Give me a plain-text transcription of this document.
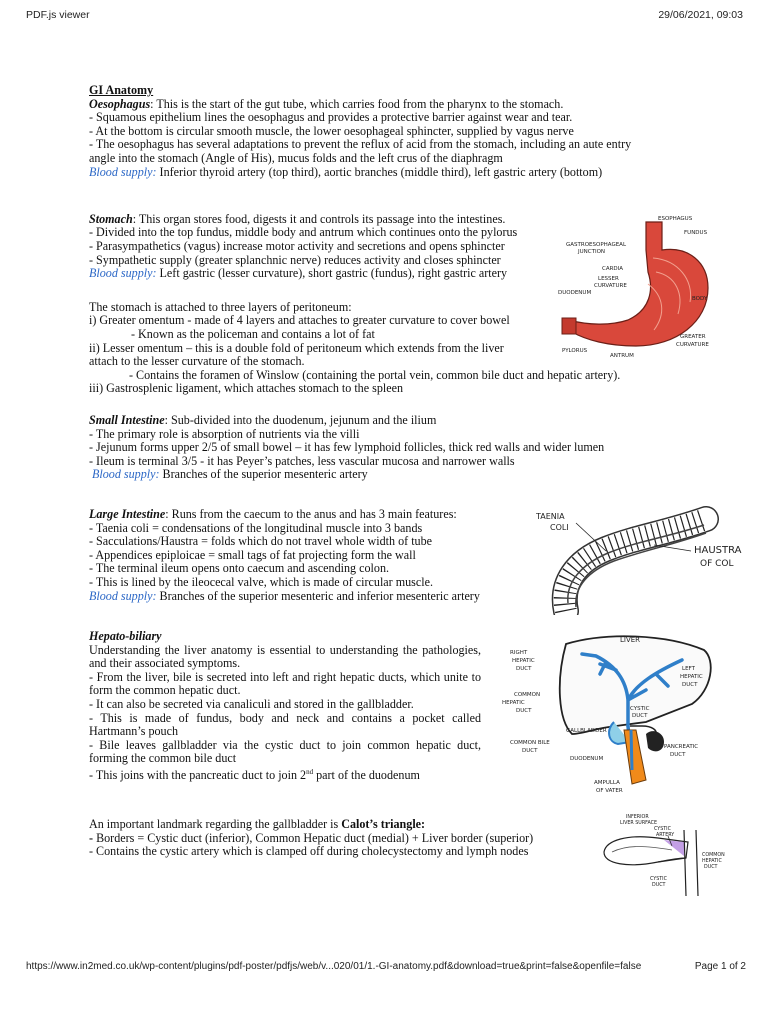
PDF.js viewer	29/06/2021, 09:03
GI Anatomy
Oesophagus: This is the start of the gut tube, which carries food from the pharynx to the stomach.
- Squamous epithelium lines the oesophagus and provides a protective barrier against wear and tear.
- At the bottom is circular smooth muscle, the lower oesophageal sphincter, supplied by vagus nerve
- The oesophagus has several adaptations to prevent the reflux of acid from the stomach, including an aute entry
angle into the stomach (Angle of His), mucus folds and the left crus of the diaphragm
Blood supply: Inferior thyroid artery (top third), aortic branches (middle third), left gastric artery (bottom)
Stomach: This organ stores food, digests it and controls its passage into the intestines.
- Divided into the top fundus, middle body and antrum which continues onto the pylorus
- Parasympathetics (vagus) increase motor activity and secretions and opens sphincter
- Sympathetic supply (greater splanchnic nerve) reduces activity and closes sphincter
Blood supply: Left gastric (lesser curvature), short gastric (fundus), right gastric artery
The stomach is attached to three layers of peritoneum:
i) Greater omentum - made of 4 layers and attaches to greater curvature to cover bowel
- Known as the policeman and contains a lot of fat
ii) Lesser omentum – this is a double fold of peritoneum which extends from the liver
attach to the lesser curvature of the stomach.
- Contains the foramen of Winslow (containing the portal vein, common bile duct and hepatic artery).
iii) Gastrosplenic ligament, which attaches stomach to the spleen
ESOPHAGUS
FUNDUS
GASTROESOPHAGEAL
JUNCTION
CARDIA
LESSER
CURVATURE
DUODENUM
BODY
GREATER
CURVATURE
PYLORUS
ANTRUM
Small Intestine: Sub-divided into the duodenum, jejunum and the ilium
- The primary role is absorption of nutrients via the villi
- Jejunum forms upper 2/5 of small bowel – it has few lymphoid follicles, thick red walls and wider lumen
- Ileum is terminal 3/5 - it has Peyer’s patches, less vascular mucosa and narrower walls
Blood supply: Branches of the superior mesenteric artery
Large Intestine: Runs from the caecum to the anus and has 3 main features:
- Taenia coli = condensations of the longitudinal muscle into 3 bands
- Sacculations/Haustra = folds which do not travel whole width of tube
- Appendices epiploicae = small tags of fat projecting form the wall
- The terminal ileum opens onto caecum and ascending colon.
- This is lined by the ileocecal valve, which is made of circular muscle.
Blood supply: Branches of the superior mesenteric and inferior mesenteric artery
TAENIA
COLI
HAUSTRA
OF COL
Hepato-biliary
Understanding the liver anatomy is essential to understanding the pathologies, and their associated symptoms.
- From the liver, bile is secreted into left and right hepatic ducts, which unite to form the common hepatic duct.
- It can also be secreted via canaliculi and stored in the gallbladder.
- This is made of fundus, body and neck and contains a pocket called Hartmann’s pouch
- Bile leaves gallbladder via the cystic duct to join common hepatic duct, forming the common bile duct
- This joins with the pancreatic duct to join 2nd part of the duodenum
LIVER
RIGHT
HEPATIC
DUCT	LEFT
HEPATIC
DUCT
COMMON
HEPATIC
DUCT	CYSTIC
DUCT
GALLBLADDER
COMMON BILE
DUCT
PANCREATIC
DUCT
DUODENUM
AMPULLA
OF VATER
An important landmark regarding the gallbladder is Calot’s triangle:
- Borders = Cystic duct (inferior), Common Hepatic duct (medial) + Liver border (superior)
- Contains the cystic artery which is clamped off during cholecystectomy and lymph nodes
INFERIOR
LIVER SURFACE
CYSTIC
ARTERY
COMMON
HEPATIC
DUCT
CYSTIC
DUCT
https://www.in2med.co.uk/wp-content/plugins/pdf-poster/pdfjs/web/v...020/01/1.-GI-anatomy.pdf&download=true&print=false&openfile=false	Page 1 of 2
